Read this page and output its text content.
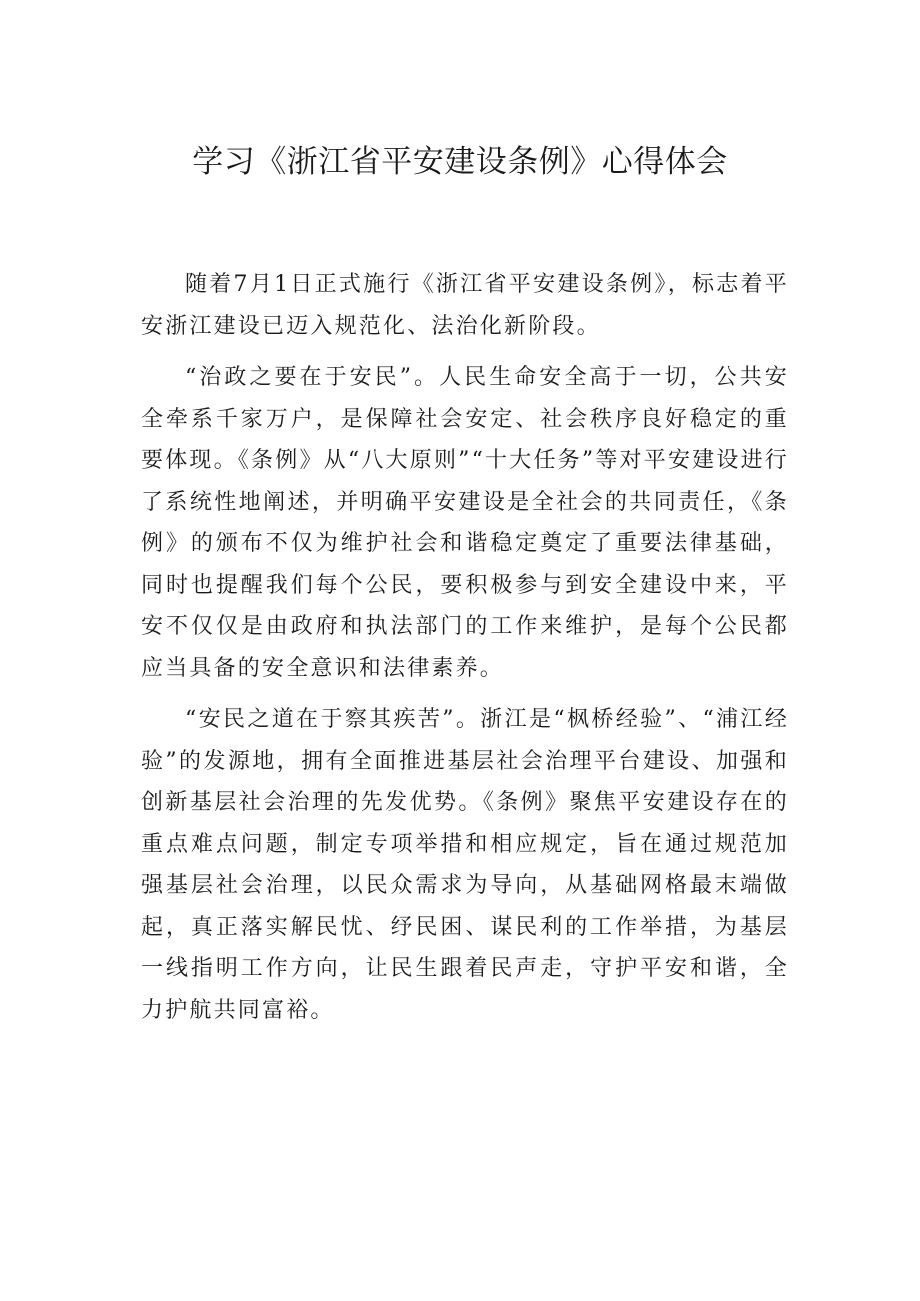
学习《浙江省平安建设条例》心得体会

随着7月1日正式施行《浙江省平安建设条例》，标志着平安浙江建设已迈入规范化、法治化新阶段。

“治政之要在于安民”。人民生命安全高于一切，公共安全牵系千家万户，是保障社会安定、社会秩序良好稳定的重要体现。《条例》从“八大原则”“十大任务”等对平安建设进行了系统性地阐述，并明确平安建设是全社会的共同责任，《条例》的颁布不仅为维护社会和谐稳定奠定了重要法律基础，同时也提醒我们每个公民，要积极参与到安全建设中来，平安不仅仅是由政府和执法部门的工作来维护，是每个公民都应当具备的安全意识和法律素养。

“安民之道在于察其疾苦”。浙江是“枫桥经验”、“浦江经验”的发源地，拥有全面推进基层社会治理平台建设、加强和创新基层社会治理的先发优势。《条例》聚焦平安建设存在的重点难点问题，制定专项举措和相应规定，旨在通过规范加强基层社会治理，以民众需求为导向，从基础网格最末端做起，真正落实解民忧、纾民困、谋民利的工作举措，为基层一线指明工作方向，让民生跟着民声走，守护平安和谐，全力护航共同富裕。
